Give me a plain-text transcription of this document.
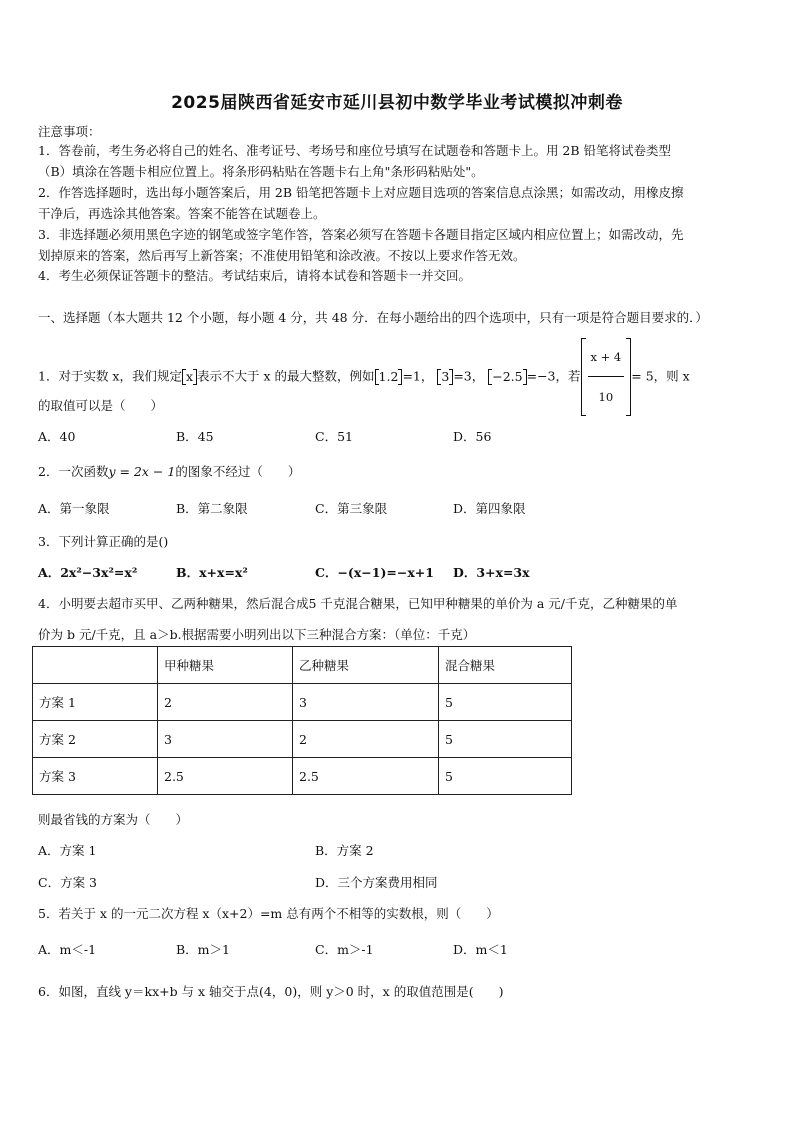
2025届陕西省延安市延川县初中数学毕业考试模拟冲刺卷
注意事项：
1．答卷前，考生务必将自己的姓名、准考证号、考场号和座位号填写在试题卷和答题卡上。用 2B 铅笔将试卷类型
（B）填涂在答题卡相应位置上。将条形码粘贴在答题卡右上角"条形码粘贴处"。
2．作答选择题时，选出每小题答案后，用 2B 铅笔把答题卡上对应题目选项的答案信息点涂黑；如需改动，用橡皮擦
干净后，再选涂其他答案。答案不能答在试题卷上。
3．非选择题必须用黑色字迹的钢笔或签字笔作答，答案必须写在答题卡各题目指定区域内相应位置上；如需改动，先
划掉原来的答案，然后再写上新答案；不准使用铅笔和涂改液。不按以上要求作答无效。
4．考生必须保证答题卡的整洁。考试结束后，请将本试卷和答题卡一并交回。
一、选择题（本大题共 12 个小题，每小题 4 分，共 48 分．在每小题给出的四个选项中，只有一项是符合题目要求的．）
1．对于实数 x，我们规定 x 表示不大于 x 的最大整数，例如 1.2 =1， 3 =3， −2.5 =−3，若 $\frac{x + 4}{10} = 5$，则 x
的取值可以是（　　）
A．40	B．45	C．51	D．56
2．一次函数y = 2x − 1的图象不经过（　　）
A．第一象限	B．第二象限	C．第三象限	D．第四象限
3．下列计算正确的是()
A．2x²−3x²=x²	B．x+x=x²	C．−(x−1)=−x+1 D．3+x=3x
4．小明要去超市买甲、乙两种糖果，然后混合成5 千克混合糖果，已知甲种糖果的单价为 a 元/千克，乙种糖果的单
价为 b 元/千克，且 a＞b.根据需要小明列出以下三种混合方案：（单位：千克）
	甲种糖果	乙种糖果	混合糖果
方案 1	2	3	5
方案 2	3	2	5
方案 3	2.5	2.5	5
则最省钱的方案为（　　）
A．方案 1	B．方案 2
C．方案 3	D．三个方案费用相同
5．若关于 x 的一元二次方程 x（x+2）=m 总有两个不相等的实数根，则（　　）
A．m＜-1	B．m＞1	C．m＞-1	D．m＜1
6．如图，直线 y＝kx+b 与 x 轴交于点(4，0)，则 y＞0 时，x 的取值范围是(　　)
